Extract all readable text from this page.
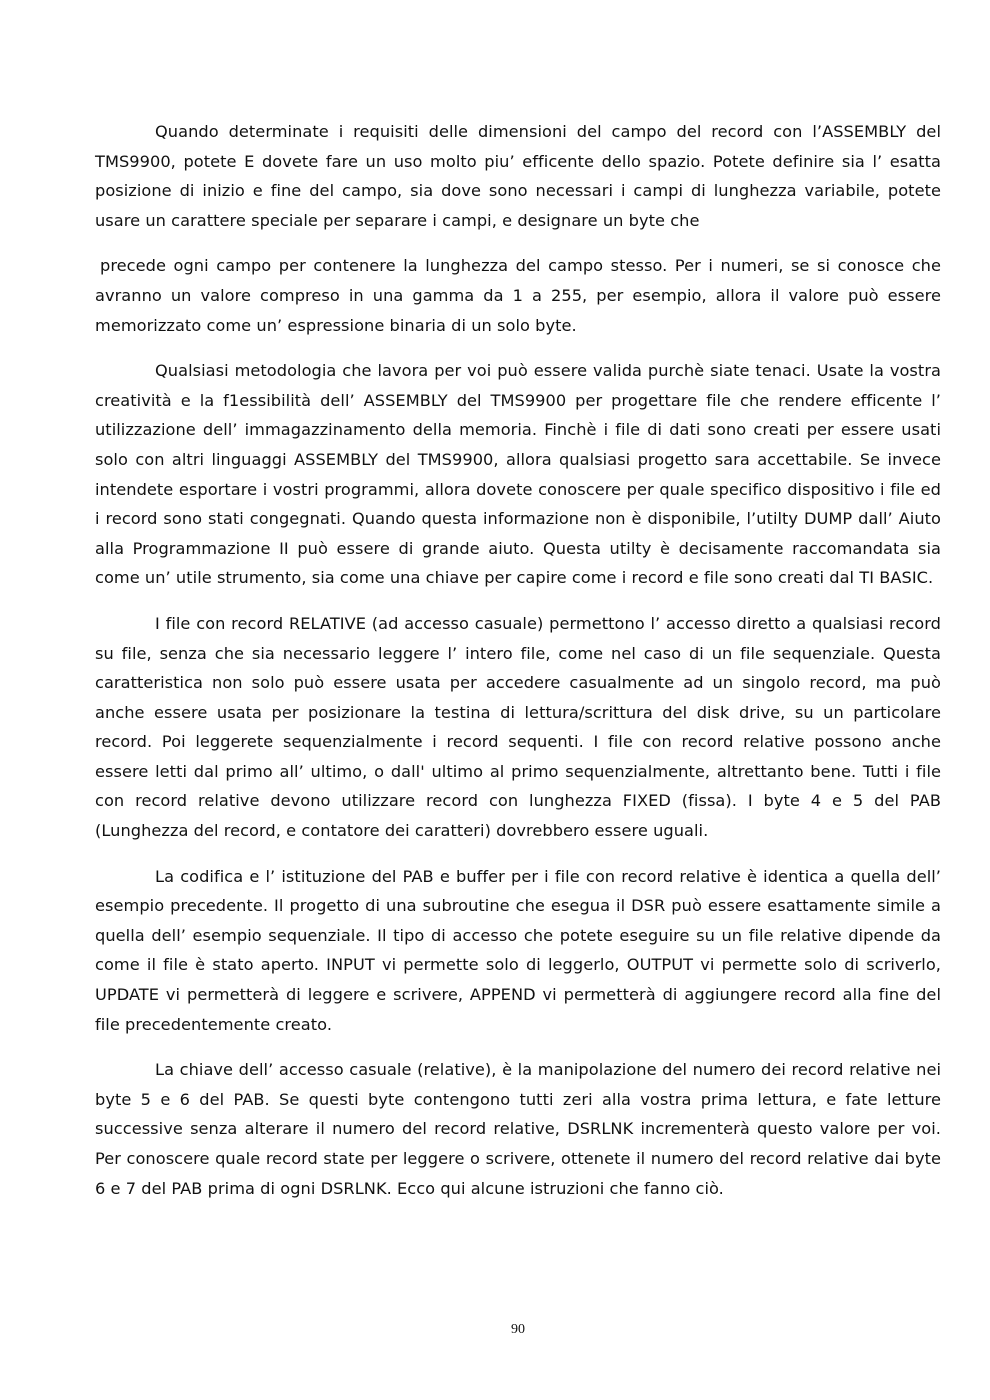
Quando determinate i requisiti delle dimensioni del campo del record con l’ASSEMBLY del TMS9900, potete E dovete fare un uso molto piu’ efficente dello spazio. Potete definire sia l’ esatta posizione di inizio e fine del campo, sia dove sono necessari i campi di lunghezza variabile, potete usare un carattere speciale per separare i campi, e designare un byte che

precede ogni campo per contenere la lunghezza del campo stesso. Per i numeri, se si conosce che avranno un valore compreso in una gamma da 1 a 255, per esempio, allora il valore può essere memorizzato come un’ espressione binaria di un solo byte.

Qualsiasi metodologia che lavora per voi può essere valida purchè siate tenaci. Usate la vostra creatività e la f1essibilità dell’ ASSEMBLY del TMS9900 per progettare file che rendere efficente l’ utilizzazione dell’ immagazzinamento della memoria. Finchè i file di dati sono creati per essere usati solo con altri linguaggi ASSEMBLY del TMS9900, allora qualsiasi progetto sara accettabile. Se invece intendete esportare i vostri programmi, allora dovete conoscere per quale specifico dispositivo i file ed i record sono stati congegnati. Quando questa informazione non è disponibile, l’utilty DUMP dall’ Aiuto alla Programmazione II può essere di grande aiuto. Questa utilty è decisamente raccomandata sia come un’ utile strumento, sia come una chiave per capire come i record e file sono creati dal TI BASIC.

I file con record RELATIVE (ad accesso casuale) permettono l’ accesso diretto a qualsiasi record su file, senza che sia necessario leggere l’ intero file, come nel caso di un file sequenziale. Questa caratteristica non solo può essere usata per accedere casualmente ad un singolo record, ma può anche essere usata per posizionare la testina di lettura/scrittura del disk drive, su un particolare record. Poi leggerete sequenzialmente i record sequenti. I file con record relative possono anche essere letti dal primo all’ ultimo, o dall' ultimo al primo sequenzialmente, altrettanto bene. Tutti i file con record relative devono utilizzare record con lunghezza FIXED (fissa). I byte 4 e 5 del PAB (Lunghezza del record, e contatore dei caratteri) dovrebbero essere uguali.

La codifica e l’ istituzione del PAB e buffer per i file con record relative è identica a quella dell’ esempio precedente. Il progetto di una subroutine che esegua il DSR può essere esattamente simile a quella dell’ esempio sequenziale. Il tipo di accesso che potete eseguire su un file relative dipende da come il file è stato aperto. INPUT vi permette solo di leggerlo, OUTPUT vi permette solo di scriverlo, UPDATE vi permetterà di leggere e scrivere, APPEND vi permetterà di aggiungere record alla fine del file precedentemente creato.

La chiave dell’ accesso casuale (relative), è la manipolazione del numero dei record relative nei byte 5 e 6 del PAB. Se questi byte contengono tutti zeri alla vostra prima lettura, e fate letture successive senza alterare il numero del record relative, DSRLNK incrementerà questo valore per voi. Per conoscere quale record state per leggere o scrivere, ottenete il numero del record relative dai byte 6 e 7 del PAB prima di ogni DSRLNK. Ecco qui alcune istruzioni che fanno ciò.

90
